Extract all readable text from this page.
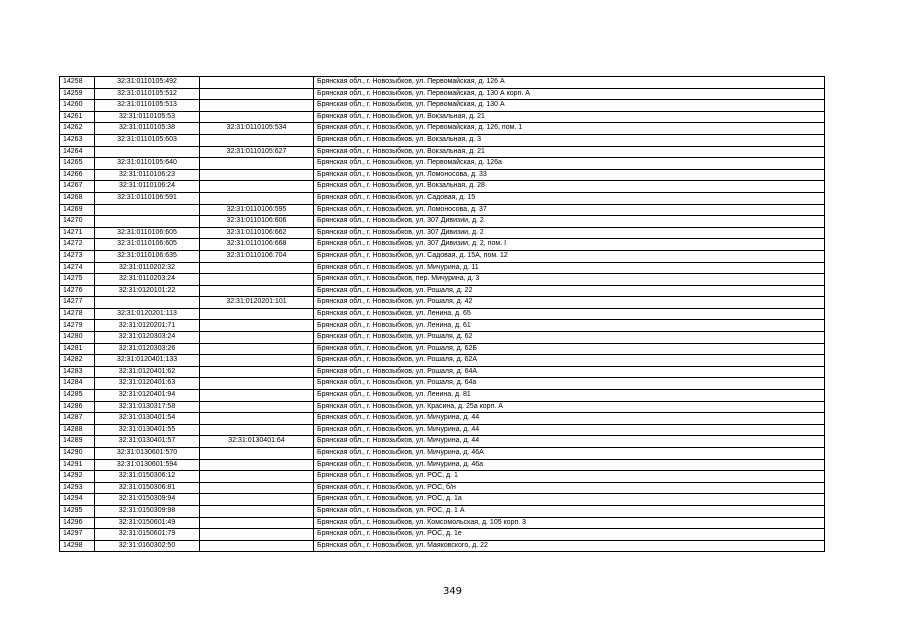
14258	32:31:0110105:492		Брянская обл., г. Новозыбков, ул. Первомайская, д. 126 А
14259	32:31:0110105:512		Брянская обл., г. Новозыбков, ул. Первомайская, д. 130 А корп. А
14260	32:31:0110105:513		Брянская обл., г. Новозыбков, ул. Первомайская, д. 130 А
14261	32:31:0110105:53		Брянская обл., г. Новозыбков, ул. Вокзальная, д. 21
14262	32:31:0110105:38	32:31:0110105:534	Брянская обл., г. Новозыбков, ул. Первомайская, д. 126, пом. 1
14263	32:31:0110105:603		Брянская обл., г. Новозыбков, ул. Вокзальная, д. 3
14264		32:31:0110105:627	Брянская обл., г. Новозыбков, ул. Вокзальная, д. 21
14265	32:31:0110105:640		Брянская обл., г. Новозыбков, ул. Первомайская, д. 126а
14266	32:31:0110106:23		Брянская обл., г. Новозыбков, ул. Ломоносова, д. 33
14267	32:31:0110106:24		Брянская обл., г. Новозыбков, ул. Вокзальная, д. 28
14268	32:31:0110106:591		Брянская обл., г. Новозыбков, ул. Садовая, д. 15
14269		32:31:0110106:595	Брянская обл., г. Новозыбков, ул. Ломоносова, д. 37
14270		32:31:0110106:606	Брянская обл., г. Новозыбков, ул. 307 Дивизии, д. 2
14271	32:31:0110106:605	32:31:0110106:662	Брянская обл., г. Новозыбков, ул. 307 Дивизии, д. 2
14272	32:31:0110106:605	32:31:0110106:668	Брянская обл., г. Новозыбков, ул. 307 Дивизии, д. 2, пом. I
14273	32:31:0110106:635	32:31:0110106:704	Брянская обл., г. Новозыбков, ул. Садовая, д. 15А, пом. 12
14274	32:31:0110202:32		Брянская обл., г. Новозыбков, ул. Мичурина, д. 11
14275	32:31:0110203:24		Брянская обл., г. Новозыбков, пер. Мичурина, д. 3
14276	32:31:0120101:22		Брянская обл., г. Новозыбков, ул. Рошаля, д. 22
14277		32:31:0120201:101	Брянская обл., г. Новозыбков, ул. Рошаля, д. 42
14278	32:31:0120201:113		Брянская обл., г. Новозыбков, ул. Ленина, д. 65
14279	32:31:0120201:71		Брянская обл., г. Новозыбков, ул. Ленина, д. 61
14280	32:31:0120303:24		Брянская обл., г. Новозыбков, ул. Рошаля, д. 62
14281	32:31:0120303:26		Брянская обл., г. Новозыбков, ул. Рошаля, д. 62Б
14282	32:31:0120401:133		Брянская обл., г. Новозыбков, ул. Рошаля, д. 62А
14283	32:31:0120401:62		Брянская обл., г. Новозыбков, ул. Рошаля, д. 64А
14284	32:31:0120401:63		Брянская обл., г. Новозыбков, ул. Рошаля, д. 64а
14285	32:31:0120401:94		Брянская обл., г. Новозыбков, ул. Ленина, д. 81
14286	32:31:0130317:58		Брянская обл., г. Новозыбков, ул. Красина, д. 25а корп. А
14287	32:31:0130401:54		Брянская обл., г. Новозыбков, ул. Мичурина, д. 44
14288	32:31:0130401:55		Брянская обл., г. Новозыбков, ул. Мичурина, д. 44
14289	32:31:0130401:57	32:31:0130401:64	Брянская обл., г. Новозыбков, ул. Мичурина, д. 44
14290	32:31:0130601:570		Брянская обл., г. Новозыбков, ул. Мичурина, д. 46А
14291	32:31:0130601:594		Брянская обл., г. Новозыбков, ул. Мичурина, д. 46а
14292	32:31:0150306:12		Брянская обл., г. Новозыбков, ул. РОС, д. 1
14293	32:31:0150306:81		Брянская обл., г. Новозыбков, ул. РОС, б/н
14294	32:31:0150309:94		Брянская обл., г. Новозыбков, ул. РОС, д. 1а
14295	32:31:0150309:98		Брянская обл., г. Новозыбков, ул. РОС, д. 1 А
14296	32:31:0150601:49		Брянская обл., г. Новозыбков, ул. Комсомольская, д. 105 корп. 3
14297	32:31:0150601:79		Брянская обл., г. Новозыбков, ул. РОС, д. 1е
14298	32:31:0160302:50		Брянская обл., г. Новозыбков, ул. Маяковского, д. 22
349
